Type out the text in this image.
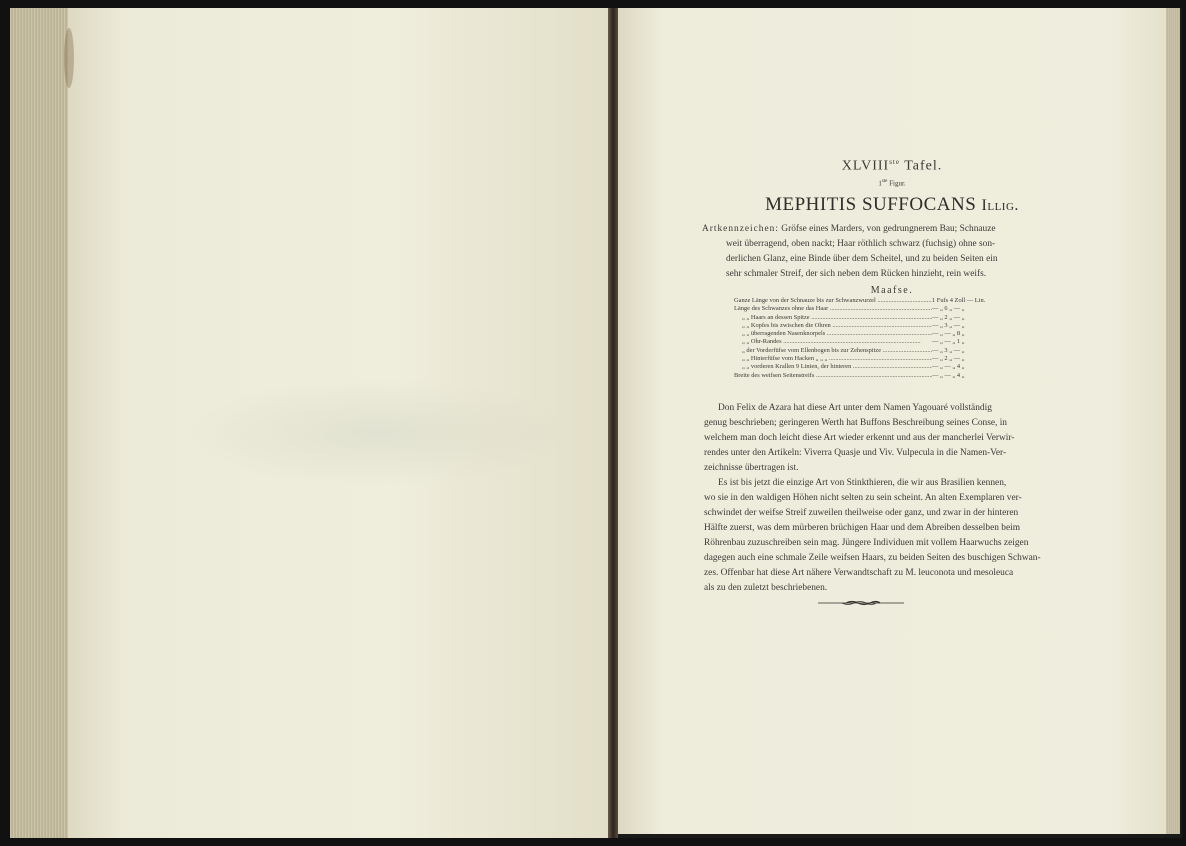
XLVIIIste Tafel.
1ste Figur.
MEPHITIS SUFFOCANS Illig.
Artkennzeichen: Gröfse eines Marders, von gedrungnerem Bau; Schnauze
weit überragend, oben nackt; Haar röthlich schwarz (fuchsig) ohne son-
derlichen Glanz, eine Binde über dem Scheitel, und zu beiden Seiten ein
sehr schmaler Streif, der sich neben dem Rücken hinzieht, rein weifs.
Maafse.
Ganze Länge von der Schnauze bis zur Schwanzwurzel .....	1 Fufs 4 Zoll — Lin.
Länge des Schwanzes ohne das Haar .....	— „ 6 „ — „
„ „ Haars an dessen Spitze .....	— „ 2 „ — „
„ „ Kopfes bis zwischen die Ohren .....	— „ 3 „ — „
„ „ überragenden Nasenknorpels .....	— „ — „ 8 „
„ „ Ohr-Randes .....	— „ — „ 1 „
„ der Vorderfüfse vom Ellenbogen bis zur Zehenspitze .....	— „ 3 „ — „
„ „ Hinterfüfse vom Hacken „ „ „ .....	— „ 2 „ — „
„ „ vorderen Krallen 9 Linien, der hinteren .....	— „ — „ 4 „
Breite des weifsen Seitenstreifs .....	— „ — „ 4 „
Don Felix de Azara hat diese Art unter dem Namen Yagouaré vollständig
genug beschrieben; geringeren Werth hat Buffons Beschreibung seines Conse, in
welchem man doch leicht diese Art wieder erkennt und aus der mancherlei Verwir-
rendes unter den Artikeln: Viverra Quasje und Viv. Vulpecula in die Namen-Ver-
zeichnisse übertragen ist.
Es ist bis jetzt die einzige Art von Stinkthieren, die wir aus Brasilien kennen,
wo sie in den waldigen Höhen nicht selten zu sein scheint. An alten Exemplaren ver-
schwindet der weifse Streif zuweilen theilweise oder ganz, und zwar in der hinteren
Hälfte zuerst, was dem mürberen brüchigen Haar und dem Abreiben desselben beim
Röhrenbau zuzuschreiben sein mag. Jüngere Individuen mit vollem Haarwuchs zeigen
dagegen auch eine schmale Zeile weifsen Haars, zu beiden Seiten des buschigen Schwan-
zes. Offenbar hat diese Art nähere Verwandtschaft zu M. leuconota und mesoleuca
als zu den zuletzt beschriebenen.
